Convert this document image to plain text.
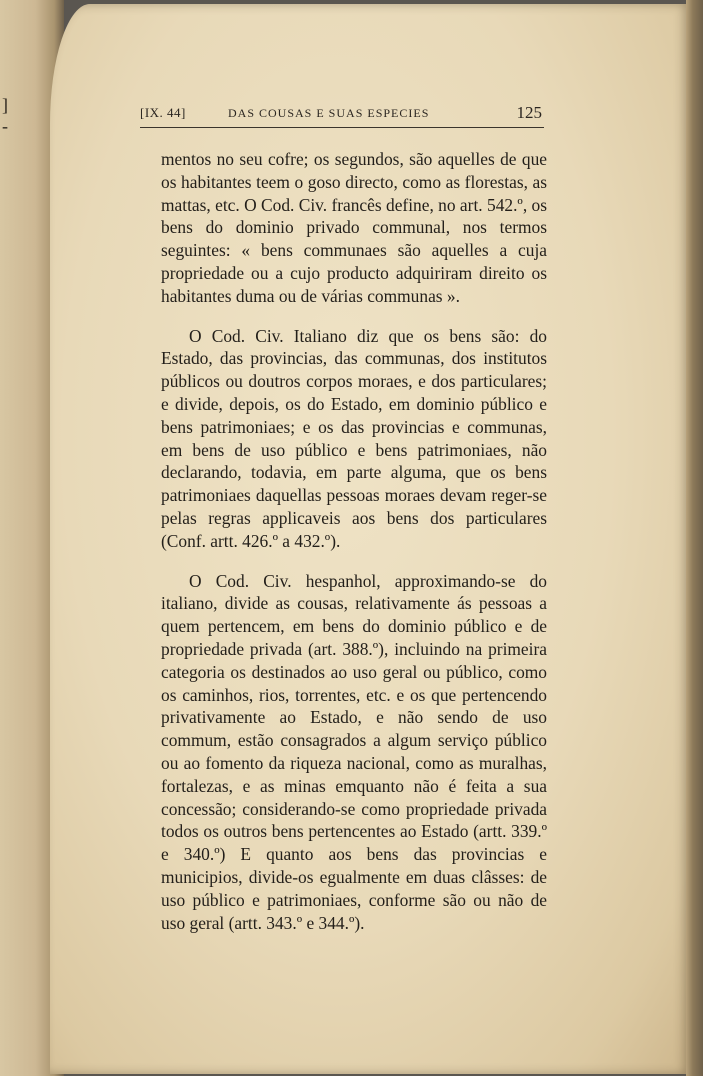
]
-
[IX. 44]	DAS COUSAS E SUAS ESPECIES	125

mentos no seu cofre; os segundos, são aquelles de que os habitantes teem o goso directo, como as florestas, as mattas, etc. O Cod. Civ. francês define, no art. 542.º, os bens do dominio privado communal, nos termos seguintes: « bens communaes são aquelles a cuja propriedade ou a cujo producto adquiriram direito os habitantes duma ou de várias communas ».

O Cod. Civ. Italiano diz que os bens são: do Estado, das provincias, das communas, dos institutos públicos ou doutros corpos moraes, e dos particulares; e divide, depois, os do Estado, em dominio público e bens patrimoniaes; e os das provincias e communas, em bens de uso público e bens patrimoniaes, não declarando, todavia, em parte alguma, que os bens patrimoniaes daquellas pessoas moraes devam reger-se pelas regras applicaveis aos bens dos particulares (Conf. artt. 426.º a 432.º).

O Cod. Civ. hespanhol, approximando-se do italiano, divide as cousas, relativamente ás pessoas a quem pertencem, em bens do dominio público e de propriedade privada (art. 388.º), incluindo na primeira categoria os destinados ao uso geral ou público, como os caminhos, rios, torrentes, etc. e os que pertencendo privativamente ao Estado, e não sendo de uso commum, estão consagrados a algum serviço público ou ao fomento da riqueza nacional, como as muralhas, fortalezas, e as minas emquanto não é feita a sua concessão; considerando-se como propriedade privada todos os outros bens pertencentes ao Estado (artt. 339.º e 340.º) E quanto aos bens das provincias e municipios, divide-os egualmente em duas clâsses: de uso público e patrimoniaes, conforme são ou não de uso geral (artt. 343.º e 344.º).
